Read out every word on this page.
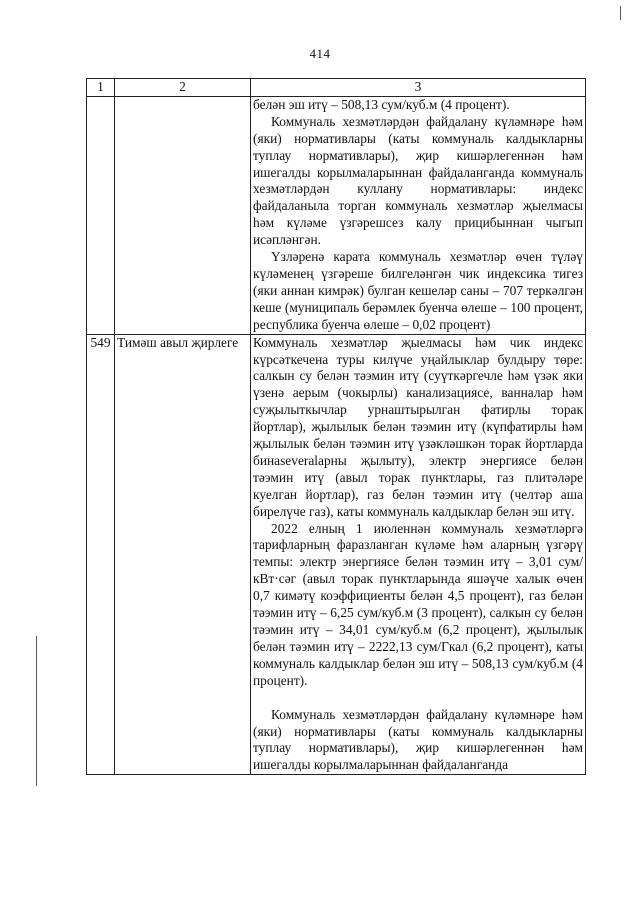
414
1	2	3

		белән эш итү – 508,13 сум/куб.м (4 процент).

Коммуналь хезмәтләрдән файдалану күләмнәре һәм (яки) нормативлары (каты коммуналь калдыкларны туплау нормативлары), җир кишәрлегеннән һәм ишегалды корылмаларыннан файдаланганда коммуналь хезмәтләрдән куллану нормативлары: индекс файдаланыла торган коммуналь хезмәтләр җыелмасы һәм күләме үзгәрешсез калу прицибыннан чыгып исәпләнгән.

Үзләренә карата коммуналь хезмәтләр өчен түләү күләменең үзгәреше билгеләнгән чик индексика тигез (яки аннан кимрәк) булган кешеләр саны – 707 теркәлгән кеше (муниципаль берәмлек буенча өлеше – 100 процент, республика буенча өлеше – 0,02 процент)

549	Тимәш авыл җирлеге	Коммуналь хезмәтләр җыелмасы һәм чик индекс күрсәткечена туры килүче уңайлыклар булдыру төре: салкын су белән тәэмин итү (суүткәргечле һәм үзәк яки үзенә аерым (чокырлы) канализациясе, ванналар һәм суҗылыткычлар урнаштырылган фатирлы торак йортлар), җылылык белән тәэмин итү (күпфатирлы һәм җылылык белән тәэмин итү үзәкләшкән торак йортларда бинаseveralарны җылыту), электр энергиясе белән тәэмин итү (авыл торак пунктлары, газ плитәләре куелган йортлар), газ белән тәэмин итү (челтәр аша бирелүче газ), каты коммуналь калдыклар белән эш итү.

2022 елның 1 июленнән коммуналь хезмәтләргә тарифларның фаразланган күләме һәм аларның үзгәрү темпы: электр энергиясе белән тәэмин итү – 3,01 сум/кВт·сәг (авыл торак пунктларында яшәүче халык өчен 0,7 кимәтү коэффициенты белән 4,5 процент), газ белән тәэмин итү – 6,25 сум/куб.м (3 процент), салкын су белән тәэмин итү – 34,01 сум/куб.м (6,2 процент), җылылык белән тәэмин итү – 2222,13 сум/Гкал (6,2 процент), каты коммуналь калдыклар белән эш итү – 508,13 сум/куб.м (4 процент).

Коммуналь хезмәтләрдән файдалану күләмнәре һәм (яки) нормативлары (каты коммуналь калдыкларны туплау нормативлары), җир кишәрлегеннән һәм ишегалды корылмаларыннан файдаланганда
